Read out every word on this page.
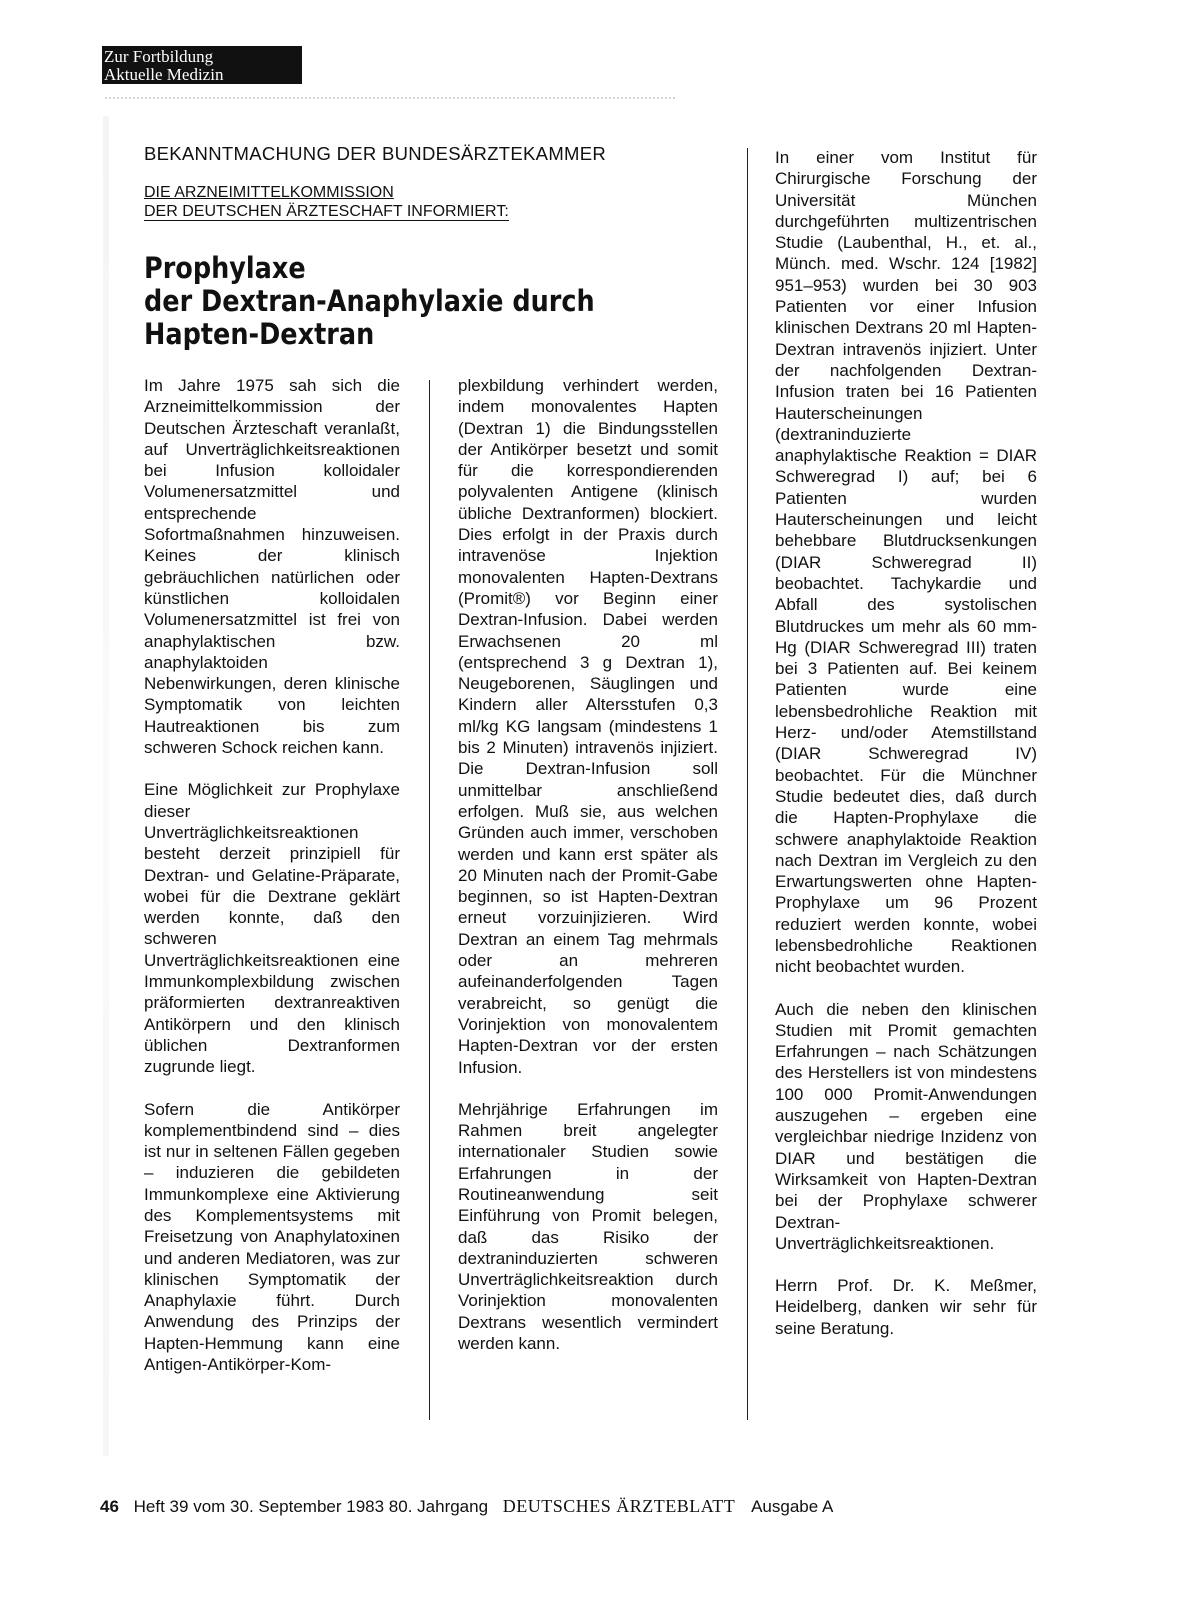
Zur Fortbildung
Aktuelle Medizin
BEKANNTMACHUNG DER BUNDESÄRZTEKAMMER
DIE ARZNEIMITTELKOMMISSION
DER DEUTSCHEN ÄRZTESCHAFT INFORMIERT:
Prophylaxe
der Dextran-Anaphylaxie durch
Hapten-Dextran

Im Jahre 1975 sah sich die Arzneimittelkommission der Deutschen Ärzteschaft veranlaßt, auf Unverträglichkeitsreaktionen bei Infusion kolloidaler Volumenersatzmittel und entsprechende Sofortmaßnahmen hinzuweisen. Keines der klinisch gebräuchlichen natürlichen oder künstlichen kolloidalen Volumenersatzmittel ist frei von anaphylaktischen bzw. anaphylaktoiden Nebenwirkungen, deren klinische Symptomatik von leichten Hautreaktionen bis zum schweren Schock reichen kann.

Eine Möglichkeit zur Prophylaxe dieser Unverträglichkeitsreaktionen besteht derzeit prinzipiell für Dextran- und Gelatine-Präparate, wobei für die Dextrane geklärt werden konnte, daß den schweren Unverträglichkeitsreaktionen eine Immunkomplexbildung zwischen präformierten dextranreaktiven Antikörpern und den klinisch üblichen Dextranformen zugrunde liegt.

Sofern die Antikörper komplementbindend sind – dies ist nur in seltenen Fällen gegeben – induzieren die gebildeten Immunkomplexe eine Aktivierung des Komplementsystems mit Freisetzung von Anaphylatoxinen und anderen Mediatoren, was zur klinischen Symptomatik der Anaphylaxie führt. Durch Anwendung des Prinzips der Hapten-Hemmung kann eine Antigen-Antikörper-Kom-

plexbildung verhindert werden, indem monovalentes Hapten (Dextran 1) die Bindungsstellen der Antikörper besetzt und somit für die korrespondierenden polyvalenten Antigene (klinisch übliche Dextranformen) blockiert. Dies erfolgt in der Praxis durch intravenöse Injektion monovalenten Hapten-Dextrans (Promit®) vor Beginn einer Dextran-Infusion. Dabei werden Erwachsenen 20 ml (entsprechend 3 g Dextran 1), Neugeborenen, Säuglingen und Kindern aller Altersstufen 0,3 ml/kg KG langsam (mindestens 1 bis 2 Minuten) intravenös injiziert. Die Dextran-Infusion soll unmittelbar anschließend erfolgen. Muß sie, aus welchen Gründen auch immer, verschoben werden und kann erst später als 20 Minuten nach der Promit-Gabe beginnen, so ist Hapten-Dextran erneut vorzuinjizieren. Wird Dextran an einem Tag mehrmals oder an mehreren aufeinanderfolgenden Tagen verabreicht, so genügt die Vorinjektion von monovalentem Hapten-Dextran vor der ersten Infusion.

Mehrjährige Erfahrungen im Rahmen breit angelegter internationaler Studien sowie Erfahrungen in der Routineanwendung seit Einführung von Promit belegen, daß das Risiko der dextraninduzierten schweren Unverträglichkeitsreaktion durch Vorinjektion monovalenten Dextrans wesentlich vermindert werden kann.

In einer vom Institut für Chirurgische Forschung der Universität München durchgeführten multizentrischen Studie (Laubenthal, H., et. al., Münch. med. Wschr. 124 [1982] 951–953) wurden bei 30 903 Patienten vor einer Infusion klinischen Dextrans 20 ml Hapten-Dextran intravenös injiziert. Unter der nachfolgenden Dextran-Infusion traten bei 16 Patienten Hauterscheinungen (dextraninduzierte anaphylaktische Reaktion = DIAR Schweregrad I) auf; bei 6 Patienten wurden Hauterscheinungen und leicht behebbare Blutdrucksenkungen (DIAR Schweregrad II) beobachtet. Tachykardie und Abfall des systolischen Blutdruckes um mehr als 60 mm-Hg (DIAR Schweregrad III) traten bei 3 Patienten auf. Bei keinem Patienten wurde eine lebensbedrohliche Reaktion mit Herz- und/oder Atemstillstand (DIAR Schweregrad IV) beobachtet. Für die Münchner Studie bedeutet dies, daß durch die Hapten-Prophylaxe die schwere anaphylaktoide Reaktion nach Dextran im Vergleich zu den Erwartungswerten ohne Hapten-Prophylaxe um 96 Prozent reduziert werden konnte, wobei lebensbedrohliche Reaktionen nicht beobachtet wurden.

Auch die neben den klinischen Studien mit Promit gemachten Erfahrungen – nach Schätzungen des Herstellers ist von mindestens 100 000 Promit-Anwendungen auszugehen – ergeben eine vergleichbar niedrige Inzidenz von DIAR und bestätigen die Wirksamkeit von Hapten-Dextran bei der Prophylaxe schwerer Dextran-Unverträglichkeitsreaktionen.

Herrn Prof. Dr. K. Meßmer, Heidelberg, danken wir sehr für seine Beratung.

46 Heft 39 vom 30. September 1983 80. Jahrgang DEUTSCHES ÄRZTEBLATT Ausgabe A
